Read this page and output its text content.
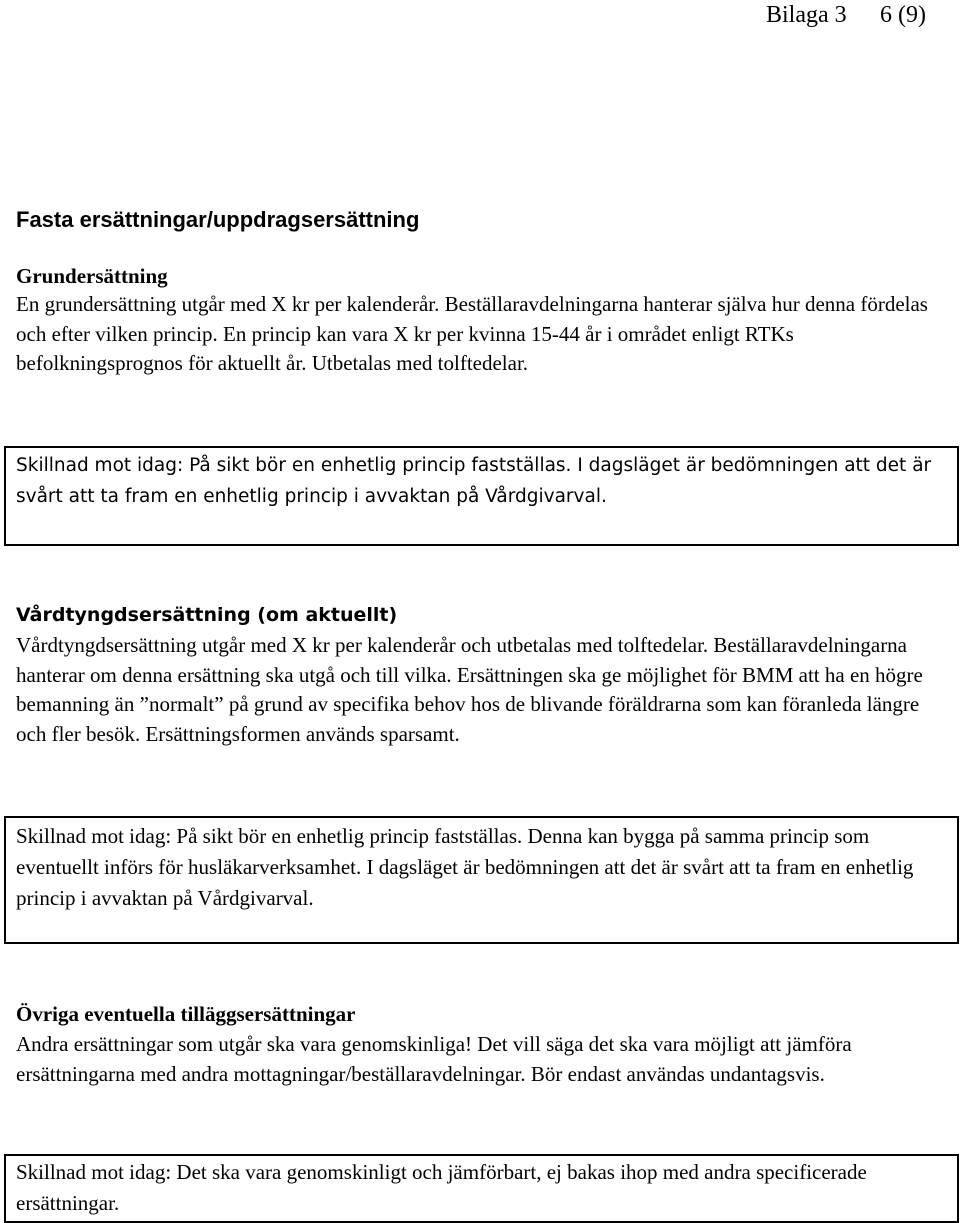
Bilaga 3 6 (9)
Fasta ersättningar/uppdragsersättning
Grundersättning

En grundersättning utgår med X kr per kalenderår. Beställaravdelningarna hanterar själva hur denna fördelas och efter vilken princip. En princip kan vara X kr per kvinna 15-44 år i området enligt RTKs befolkningsprognos för aktuellt år. Utbetalas med tolftedelar.

Skillnad mot idag: På sikt bör en enhetlig princip fastställas. I dagsläget är bedömningen att det är svårt att ta fram en enhetlig princip i avvaktan på Vårdgivarval.

Vårdtyngdsersättning (om aktuellt)

Vårdtyngdsersättning utgår med X kr per kalenderår och utbetalas med tolftedelar. Beställaravdelningarna hanterar om denna ersättning ska utgå och till vilka. Ersättningen ska ge möjlighet för BMM att ha en högre bemanning än ”normalt” på grund av specifika behov hos de blivande föräldrarna som kan föranleda längre och fler besök. Ersättningsformen används sparsamt.

Skillnad mot idag: På sikt bör en enhetlig princip fastställas. Denna kan bygga på samma princip som eventuellt införs för husläkarverksamhet. I dagsläget är bedömningen att det är svårt att ta fram en enhetlig princip i avvaktan på Vårdgivarval.

Övriga eventuella tilläggsersättningar

Andra ersättningar som utgår ska vara genomskinliga! Det vill säga det ska vara möjligt att jämföra ersättningarna med andra mottagningar/beställaravdelningar. Bör endast användas undantagsvis.

Skillnad mot idag: Det ska vara genomskinligt och jämförbart, ej bakas ihop med andra specificerade ersättningar.
